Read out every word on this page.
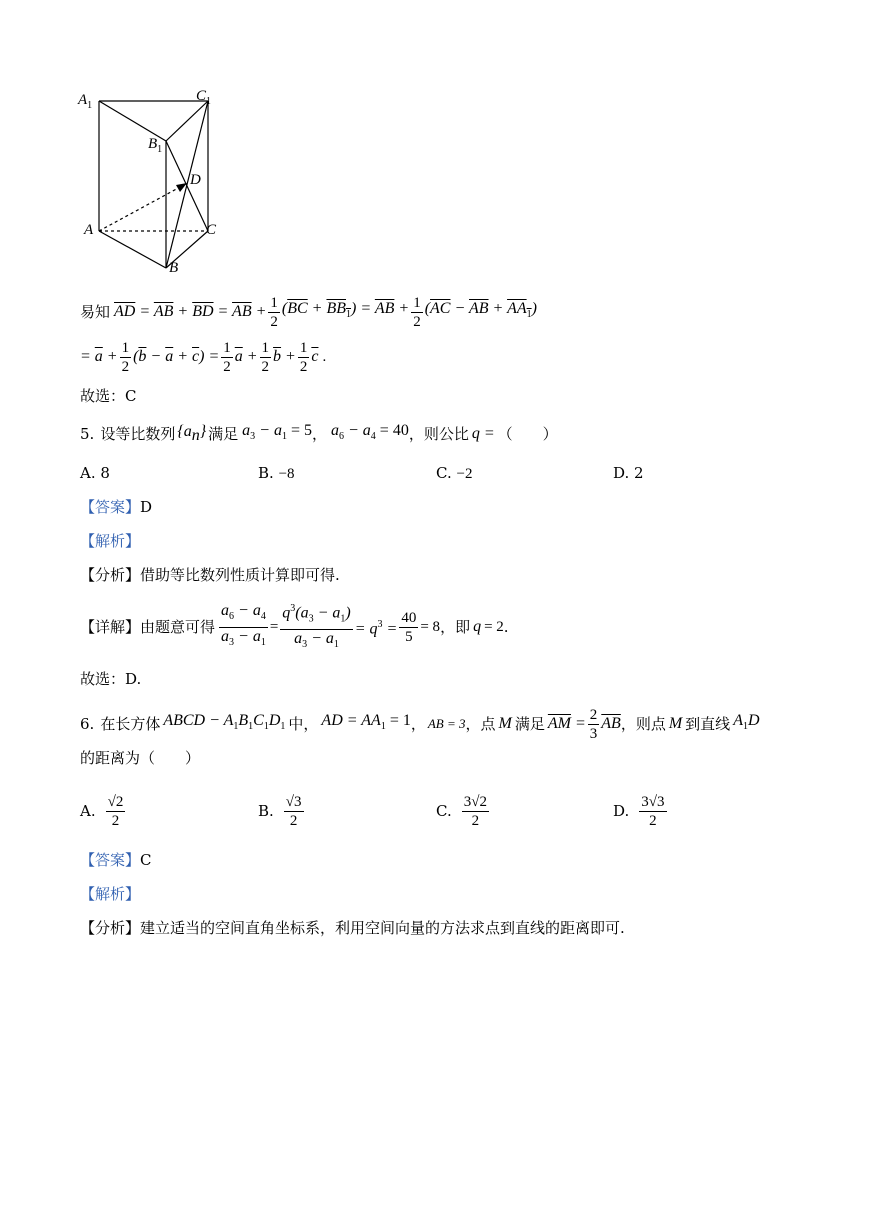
$A_1$
$C_1$
$B_1$
D
A	C
B
易知 $\overline{AD} = \overline{AB} + \overline{BD} = \overline{AB} + \frac{1}{2} (\overline{BC} + BB_1) = \overline{AB} + \frac{1}{2} (\overline{AC} - \overline{AB} + AA_1)$
= $\overline{a} + \frac{1}{2} (\overline{b} - \overline{a} + \overline{c}) = \frac{1}{2} \overline{a} + \frac{1}{2} \overline{b} + \frac{1}{2} \overline{c}$ .
故选：C
5. 设等比数列 $\{a_n\}$ 满足 $a_3 - a_1 = 5$ ， $a_6 - a_4 = 40$ ，则公比 q = （　　）
A. 8	B. −8	C. −2	D. 2
【答案】D
【解析】
【分析】借助等比数列性质计算即可得.
【详解】 由题意可得 $\frac{a_6 - a_4}{a_3 - a_1} = \frac{q^3(a_3 - a_1)}{a_3 - a_1} = q^3 = \frac{40}{5} = 8$ ，即 q = 2 .
故选：D.
6. 在长方体 ABCD − $A_1B_1C_1D_1$ 中， AD = $AA_1 = 1$ ， AB = 3 ，点 M 满足 $\overline{AM} = \frac{2}{3} \overline{AB}$ ，则点 M 到直线 $A_1D$
的距离为（　　）
A. $\frac{√2}{2}$	B. $\frac{√3}{2}$	C. $\frac{3√2}{2}$	D. $\frac{3√3}{2}$
【答案】C
【解析】
【分析】建立适当的空间直角坐标系，利用空间向量的方法求点到直线的距离即可.
